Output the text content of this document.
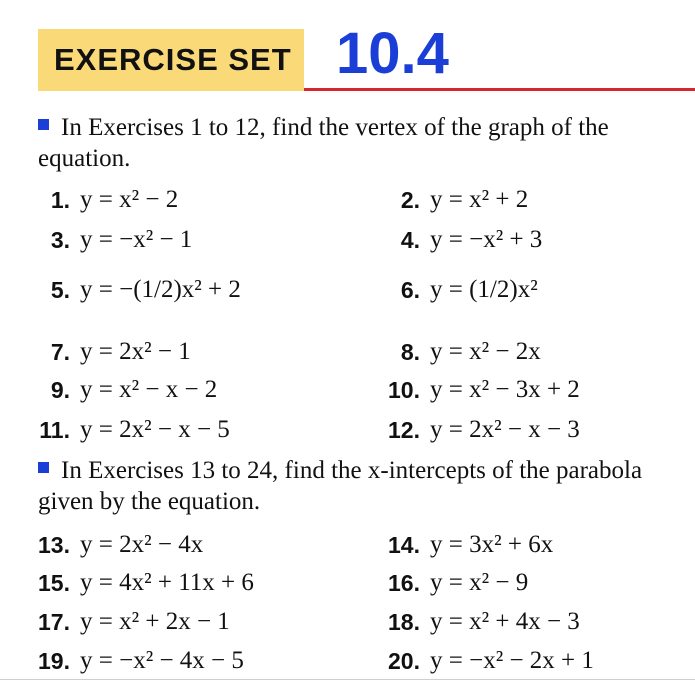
EXERCISE SET 10.4
In Exercises 1 to 12, find the vertex of the graph of the equation.
In Exercises 13 to 24, find the x-intercepts of the parabola given by the equation.
1. y = x² − 2	2. y = x² + 2
3. y = −x² − 1	4. y = −x² + 3
5. y = −(1/2)x² + 2	6. y = (1/2)x²
7. y = 2x² − 1	8. y = x² − 2x
9. y = x² − x − 2	10. y = x² − 3x + 2
11. y = 2x² − x − 5	12. y = 2x² − x − 3
13. y = 2x² − 4x	14. y = 3x² + 6x
15. y = 4x² + 11x + 6	16. y = x² − 9
17. y = x² + 2x − 1	18. y = x² + 4x − 3
19. y = −x² − 4x − 5	20. y = −x² − 2x + 1
